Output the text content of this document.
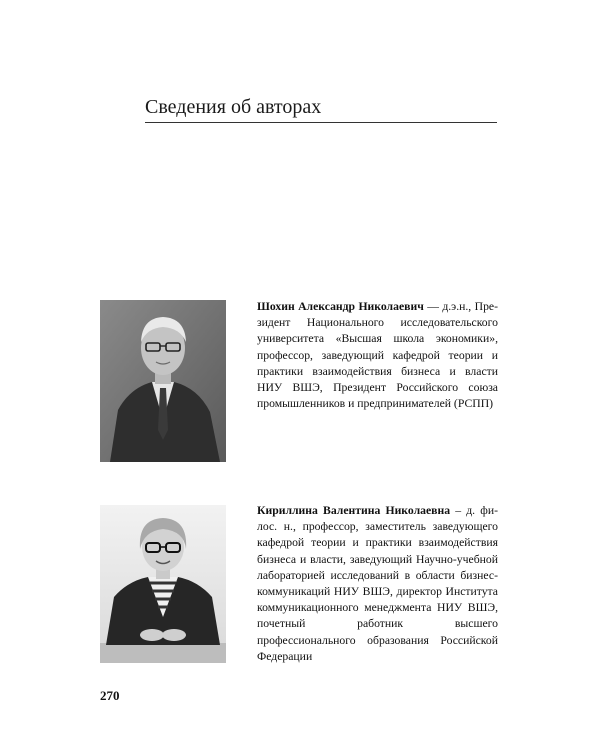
Сведения об авторах
Шохин Александр Николаевич — д.э.н., Президент Национального исследовательского университета «Высшая школа экономики», профессор, заведующий кафедрой теории и практики взаимодействия бизнеса и власти НИУ ВШЭ, Президент Российского союза промышленников и предпринимателей (РСПП)
Кириллина Валентина Николаевна – д. филос. н., профессор, заместитель заведующего кафедрой теории и практики взаимодействия бизнеса и власти, заведующий Научно-учебной лабораторией исследований в области бизнес-коммуникаций НИУ ВШЭ, директор Института коммуникационного менеджмента НИУ ВШЭ, почетный работник высшего профессионального образования Российской Федерации
270
